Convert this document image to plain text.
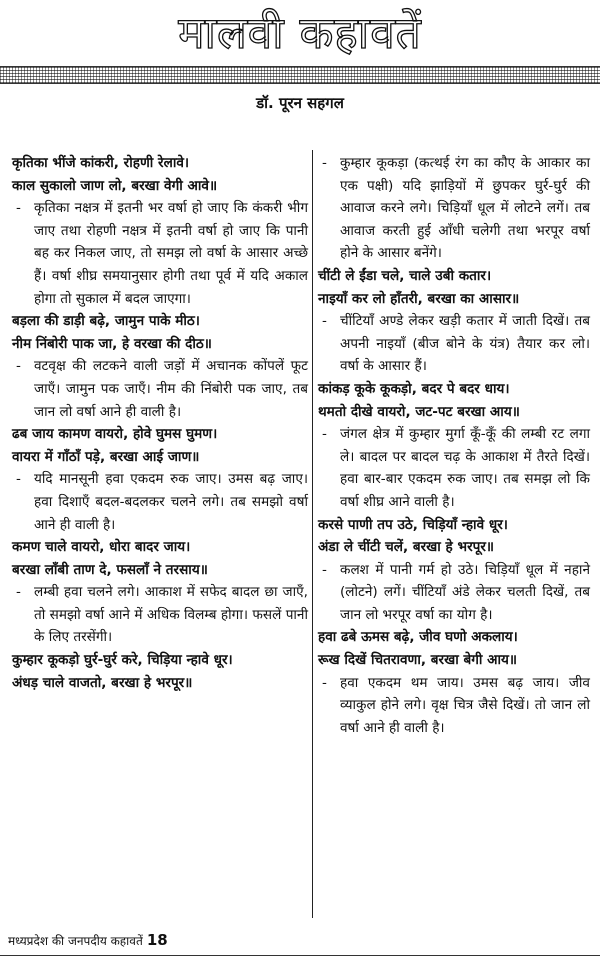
मालवी कहावतें
डॉ. पूरन सहगल
कृतिका भींजे कांकरी, रोहणी रेलावे।
काल सुकालो जाण लो, बरखा वेगी आवे॥
- कृतिका नक्षत्र में इतनी भर वर्षा हो जाए कि कंकरी भीग जाए तथा रोहणी नक्षत्र में इतनी वर्षा हो जाए कि पानी बह कर निकल जाए, तो समझ लो वर्षा के आसार अच्छे हैं। वर्षा शीघ्र समयानुसार होगी तथा पूर्व में यदि अकाल होगा तो सुकाल में बदल जाएगा।
बड़ला की डाड़ी बढ़े, जामुन पाके मीठ।
नीम निंबोरी पाक जा, हे वरखा की दीठ॥
- वटवृक्ष की लटकने वाली जड़ों में अचानक कोंपलें फूट जाएँ। जामुन पक जाएँ। नीम की निंबोरी पक जाए, तब जान लो वर्षा आने ही वाली है।
ढब जाय कामण वायरो, होवे घुमस घुमण।
वायरा में गाँठाँ पड़े, बरखा आई जाण॥
- यदि मानसूनी हवा एकदम रुक जाए। उमस बढ़ जाए। हवा दिशाएँ बदल-बदलकर चलने लगे। तब समझो वर्षा आने ही वाली है।
कमण चाले वायरो, धोरा बादर जाय।
बरखा लाँबी ताण दे, फसलाँ ने तरसाय॥
- लम्बी हवा चलने लगे। आकाश में सफेद बादल छा जाएँ, तो समझो वर्षा आने में अधिक विलम्ब होगा। फसलें पानी के लिए तरसेंगी।
कुम्हार कूकड़ो घुर्र-घुर्र करे, चिड़िया न्हावे धूर।
अंधड़ चाले वाजतो, बरखा हे भरपूर॥
- कुम्हार कूकड़ा (कत्थई रंग का कौए के आकार का एक पक्षी) यदि झाड़ियों में छुपकर घुर्र-घुर्र की आवाज करने लगे। चिड़ियाँ धूल में लोटने लगें। तब आवाज करती हुई आँधी चलेगी तथा भरपूर वर्षा होने के आसार बनेंगे।
चींटी ले ईंडा चले, चाले उबी कतार।
नाइयाँ कर लो हाँतरी, बरखा का आसार॥
- चींटियाँ अण्डे लेकर खड़ी कतार में जाती दिखें। तब अपनी नाइयाँ (बीज बोने के यंत्र) तैयार कर लो। वर्षा के आसार हैं।
कांकड़ कूके कूकड़ो, बदर पे बदर धाय।
थमतो दीखे वायरो, जट-पट बरखा आय॥
- जंगल क्षेत्र में कुम्हार मुर्गा कूँ-कूँ की लम्बी रट लगा ले। बादल पर बादल चढ़ के आकाश में तैरते दिखें। हवा बार-बार एकदम रुक जाए। तब समझ लो कि वर्षा शीघ्र आने वाली है।
करसे पाणी तप उठे, चिड़ियाँ न्हावे धूर।
अंडा ले चींटी चलें, बरखा हे भरपूर॥
- कलश में पानी गर्म हो उठे। चिड़ियाँ धूल में नहाने (लोटने) लगें। चींटियाँ अंडे लेकर चलती दिखें, तब जान लो भरपूर वर्षा का योग है।
हवा ढबे ऊमस बढ़े, जीव घणो अकलाय।
रूख दिखें चितरावणा, बरखा बेगी आय॥
- हवा एकदम थम जाय। उमस बढ़ जाय। जीव व्याकुल होने लगे। वृक्ष चित्र जैसे दिखें। तो जान लो वर्षा आने ही वाली है।
मध्यप्रदेश की जनपदीय कहावतें 18
